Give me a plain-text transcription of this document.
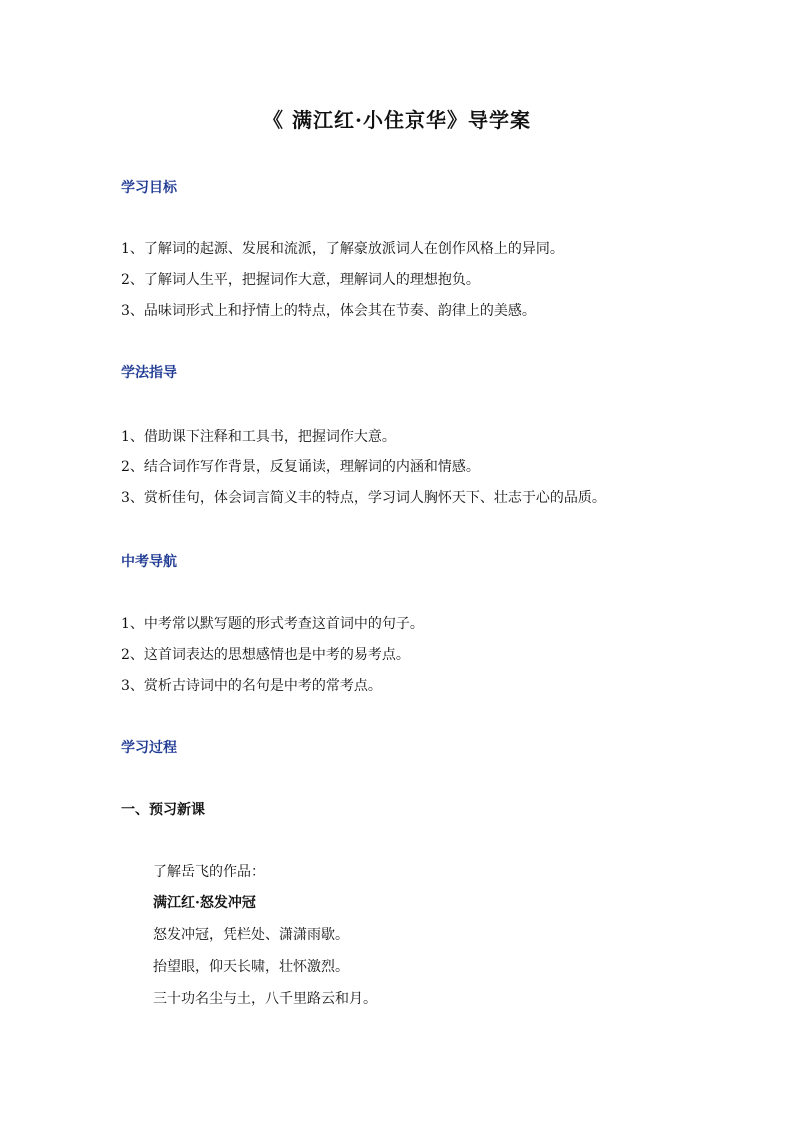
《 满江红·小住京华》导学案
学习目标
1、了解词的起源、发展和流派，了解豪放派词人在创作风格上的异同。
2、了解词人生平，把握词作大意，理解词人的理想抱负。
3、品味词形式上和抒情上的特点，体会其在节奏、韵律上的美感。
学法指导
1、借助课下注释和工具书，把握词作大意。
2、结合词作写作背景，反复诵读，理解词的内涵和情感。
3、赏析佳句，体会词言简义丰的特点，学习词人胸怀天下、壮志于心的品质。
中考导航
1、中考常以默写题的形式考查这首词中的句子。
2、这首词表达的思想感情也是中考的易考点。
3、赏析古诗词中的名句是中考的常考点。
学习过程
一、预习新课
了解岳飞的作品：
满江红·怒发冲冠
怒发冲冠，凭栏处、潇潇雨歇。
抬望眼，仰天长啸，壮怀激烈。
三十功名尘与土，八千里路云和月。
